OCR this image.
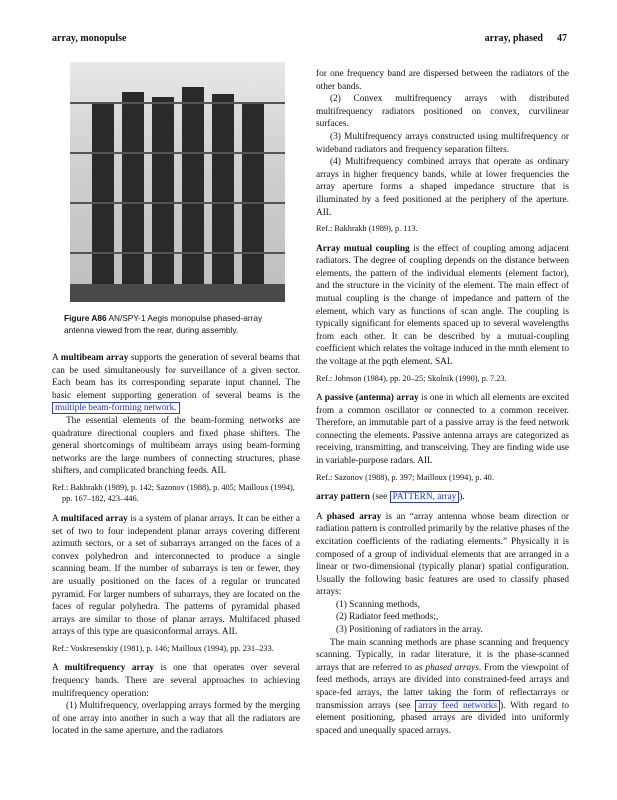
array, monopulse	array, phased 47
Figure A86 AN/SPY-1 Aegis monopulse phased-array antenna viewed from the rear, during assembly.

A multibeam array supports the generation of several beams that can be used simultaneously for surveillance of a given sector. Each beam has its corresponding separate input channel. The basic element supporting generation of several beams is the multiple beam-forming network.

The essential elements of the beam-forming networks are quadrature directional couplers and fixed phase shifters. The general shortcomings of multibeam arrays using beam-forming networks are the large numbers of connecting structures, phase shifters, and complicated branching feeds. AIL

Ref.: Bakhrakh (1989), p. 142; Sazonov (1988), p. 405; Mailloux (1994), pp. 167–182, 423–446.

A multifaced array is a system of planar arrays. It can be either a set of two to four independent planar arrays covering different azimuth sectors, or a set of subarrays arranged on the faces of a convex polyhedron and interconnected to produce a single scanning beam. If the number of subarrays is ten or fewer, they are usually positioned on the faces of a regular or truncated pyramid. For larger numbers of subarrays, they are located on the faces of regular polyhedra. The patterns of pyramidal phased arrays are similar to those of planar arrays. Multifaced phased arrays of this type are quasiconformal arrays. AIL

Ref.: Voskresenskiy (1981), p. 146; Mailloux (1994), pp. 231–233.

A multifrequency array is one that operates over several frequency bands. There are several approaches to achieving multifrequency operation:

(1) Multifrequency, overlapping arrays formed by the merging of one array into another in such a way that all the radiators are located in the same aperture, and the radiators

for one frequency band are dispersed between the radiators of the other bands.

(2) Convex multifrequency arrays with distributed multifrequency radiators positioned on convex, curvilinear surfaces.

(3) Multifrequency arrays constructed using multifrequency or wideband radiators and frequency separation filters.

(4) Multifrequency combined arrays that operate as ordinary arrays in higher frequency bands, while at lower frequencies the array aperture forms a shaped impedance structure that is illuminated by a feed positioned at the periphery of the aperture. AIL

Ref.: Bakhrakh (1989), p. 113.

Array mutual coupling is the effect of coupling among adjacent radiators. The degree of coupling depends on the distance between elements, the pattern of the individual elements (element factor), and the structure in the vicinity of the element. The main effect of mutual coupling is the change of impedance and pattern of the element, which vary as functions of scan angle. The coupling is typically significant for elements spaced up to several wavelengths from each other. It can be described by a mutual-coupling coefficient which relates the voltage induced in the mnth element to the voltage at the pqth element. SAL

Ref.: Johnson (1984), pp. 20–25; Skolnik (1990), p. 7.23.

A passive (antenna) array is one in which all elements are excited from a common oscillator or connected to a common receiver. Therefore, an immutable part of a passive array is the feed network connecting the elements. Passive antenna arrays are categorized as receiving, transmitting, and transceiving. They are finding wide use in variable-purpose radars. AIL

Ref.: Sazonov (1988), p. 397; Mailloux (1994), p. 40.

array pattern (see PATTERN, array ).

A phased array is an “array antenna whose beam direction or radiation pattern is controlled primarily by the relative phases of the excitation coefficients of the radiating elements.” Physically it is composed of a group of individual elements that are arranged in a linear or two-dimensional (typically planar) spatial configuration. Usually the following basic features are used to classify phased arrays:

(1) Scanning methods,
(2) Radiator feed methods;,
(3) Positioning of radiators in the array.

The main scanning methods are phase scanning and frequency scanning. Typically, in radar literature, it is the phase-scanned arrays that are referred to as phased arrays. From the viewpoint of feed methods, arrays are divided into constrained-feed arrays and space-fed arrays, the latter taking the form of reflectarrays or transmission arrays (see array feed networks ). With regard to element positioning, phased arrays are divided into uniformly spaced and unequally spaced arrays.
